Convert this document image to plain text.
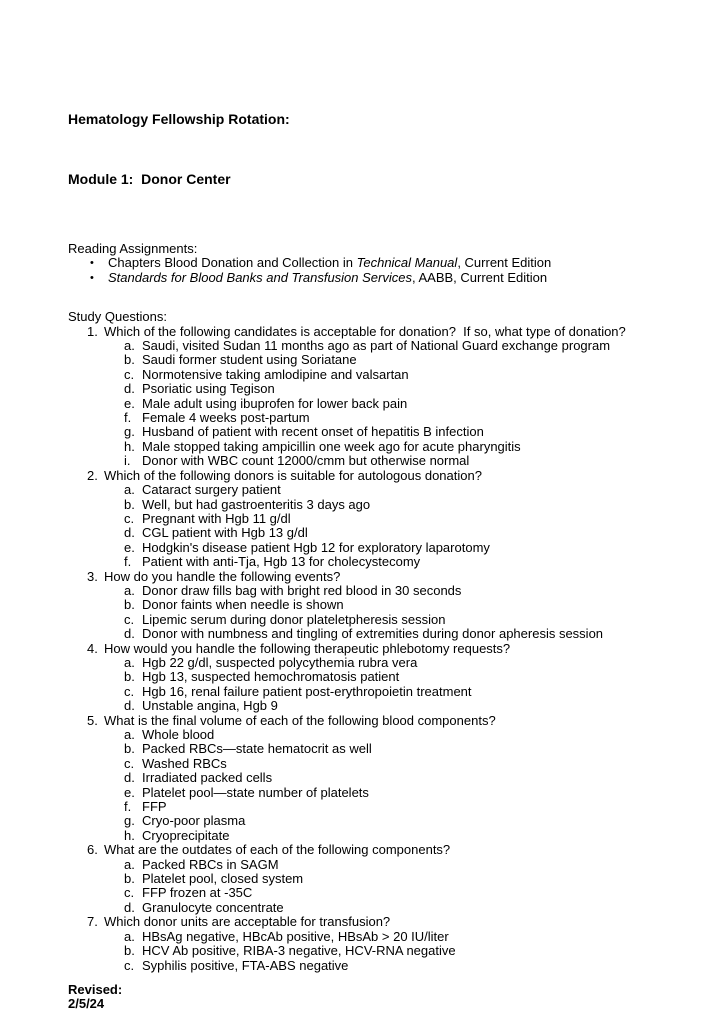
Hematology Fellowship Rotation:

Module 1:  Donor Center

Reading Assignments:
•	Chapters Blood Donation and Collection in Technical Manual, Current Edition
•	Standards for Blood Banks and Transfusion Services, AABB, Current Edition
Study Questions:
1. Which of the following candidates is acceptable for donation?  If so, what type of donation?
a. Saudi, visited Sudan 11 months ago as part of National Guard exchange program
b. Saudi former student using Soriatane
c. Normotensive taking amlodipine and valsartan
d. Psoriatic using Tegison
e. Male adult using ibuprofen for lower back pain
f. Female 4 weeks post-partum
g. Husband of patient with recent onset of hepatitis B infection
h. Male stopped taking ampicillin one week ago for acute pharyngitis
i. Donor with WBC count 12000/cmm but otherwise normal
2. Which of the following donors is suitable for autologous donation?
a. Cataract surgery patient
b. Well, but had gastroenteritis 3 days ago
c. Pregnant with Hgb 11 g/dl
d. CGL patient with Hgb 13 g/dl
e. Hodgkin's disease patient Hgb 12 for exploratory laparotomy
f. Patient with anti-Tja, Hgb 13 for cholecystecomy
3. How do you handle the following events?
a. Donor draw fills bag with bright red blood in 30 seconds
b. Donor faints when needle is shown
c. Lipemic serum during donor plateletpheresis session
d. Donor with numbness and tingling of extremities during donor apheresis session
4. How would you handle the following therapeutic phlebotomy requests?
a. Hgb 22 g/dl, suspected polycythemia rubra vera
b. Hgb 13, suspected hemochromatosis patient
c. Hgb 16, renal failure patient post-erythropoietin treatment
d. Unstable angina, Hgb 9
5. What is the final volume of each of the following blood components?
a. Whole blood
b. Packed RBCs—state hematocrit as well
c. Washed RBCs
d. Irradiated packed cells
e. Platelet pool—state number of platelets
f. FFP
g. Cryo-poor plasma
h. Cryoprecipitate
6. What are the outdates of each of the following components?
a. Packed RBCs in SAGM
b. Platelet pool, closed system
c. FFP frozen at -35C
d. Granulocyte concentrate
7. Which donor units are acceptable for transfusion?
a. HBsAg negative, HBcAb positive, HBsAb > 20 IU/liter
b. HCV Ab positive, RIBA-3 negative, HCV-RNA negative
c. Syphilis positive, FTA-ABS negative
Revised:
2/5/24
